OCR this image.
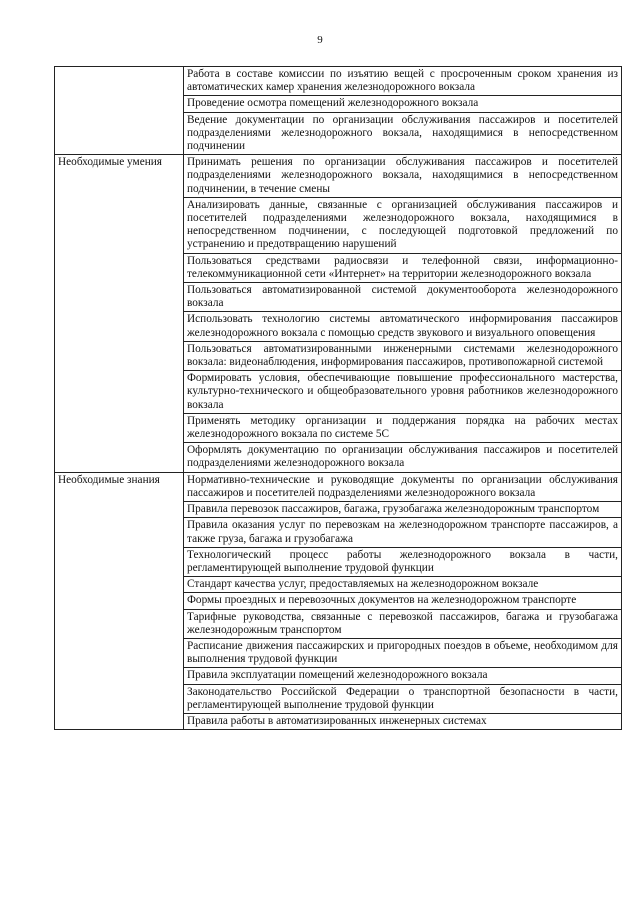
9
	Работа в составе комиссии по изъятию вещей с просроченным сроком хранения из автоматических камер хранения железнодорожного вокзала
	Проведение осмотра помещений железнодорожного вокзала
	Ведение документации по организации обслуживания пассажиров и посетителей подразделениями железнодорожного вокзала, находящимися в непосредственном подчинении
Необходимые умения	Принимать решения по организации обслуживания пассажиров и посетителей подразделениями железнодорожного вокзала, находящимися в непосредственном подчинении, в течение смены
	Анализировать данные, связанные с организацией обслуживания пассажиров и посетителей подразделениями железнодорожного вокзала, находящимися в непосредственном подчинении, с последующей подготовкой предложений по устранению и предотвращению нарушений
	Пользоваться средствами радиосвязи и телефонной связи, информационно-телекоммуникационной сети «Интернет» на территории железнодорожного вокзала
	Пользоваться автоматизированной системой документооборота железнодорожного вокзала
	Использовать технологию системы автоматического информирования пассажиров железнодорожного вокзала с помощью средств звукового и визуального оповещения
	Пользоваться автоматизированными инженерными системами железнодорожного вокзала: видеонаблюдения, информирования пассажиров, противопожарной системой
	Формировать условия, обеспечивающие повышение профессионального мастерства, культурно-технического и общеобразовательного уровня работников железнодорожного вокзала
	Применять методику организации и поддержания порядка на рабочих местах железнодорожного вокзала по системе 5С
	Оформлять документацию по организации обслуживания пассажиров и посетителей подразделениями железнодорожного вокзала
Необходимые знания	Нормативно-технические и руководящие документы по организации обслуживания пассажиров и посетителей подразделениями железнодорожного вокзала
	Правила перевозок пассажиров, багажа, грузобагажа железнодорожным транспортом
	Правила оказания услуг по перевозкам на железнодорожном транспорте пассажиров, а также груза, багажа и грузобагажа
	Технологический процесс работы железнодорожного вокзала в части, регламентирующей выполнение трудовой функции
	Стандарт качества услуг, предоставляемых на железнодорожном вокзале
	Формы проездных и перевозочных документов на железнодорожном транспорте
	Тарифные руководства, связанные с перевозкой пассажиров, багажа и грузобагажа железнодорожным транспортом
	Расписание движения пассажирских и пригородных поездов в объеме, необходимом для выполнения трудовой функции
	Правила эксплуатации помещений железнодорожного вокзала
	Законодательство Российской Федерации о транспортной безопасности в части, регламентирующей выполнение трудовой функции
	Правила работы в автоматизированных инженерных системах
